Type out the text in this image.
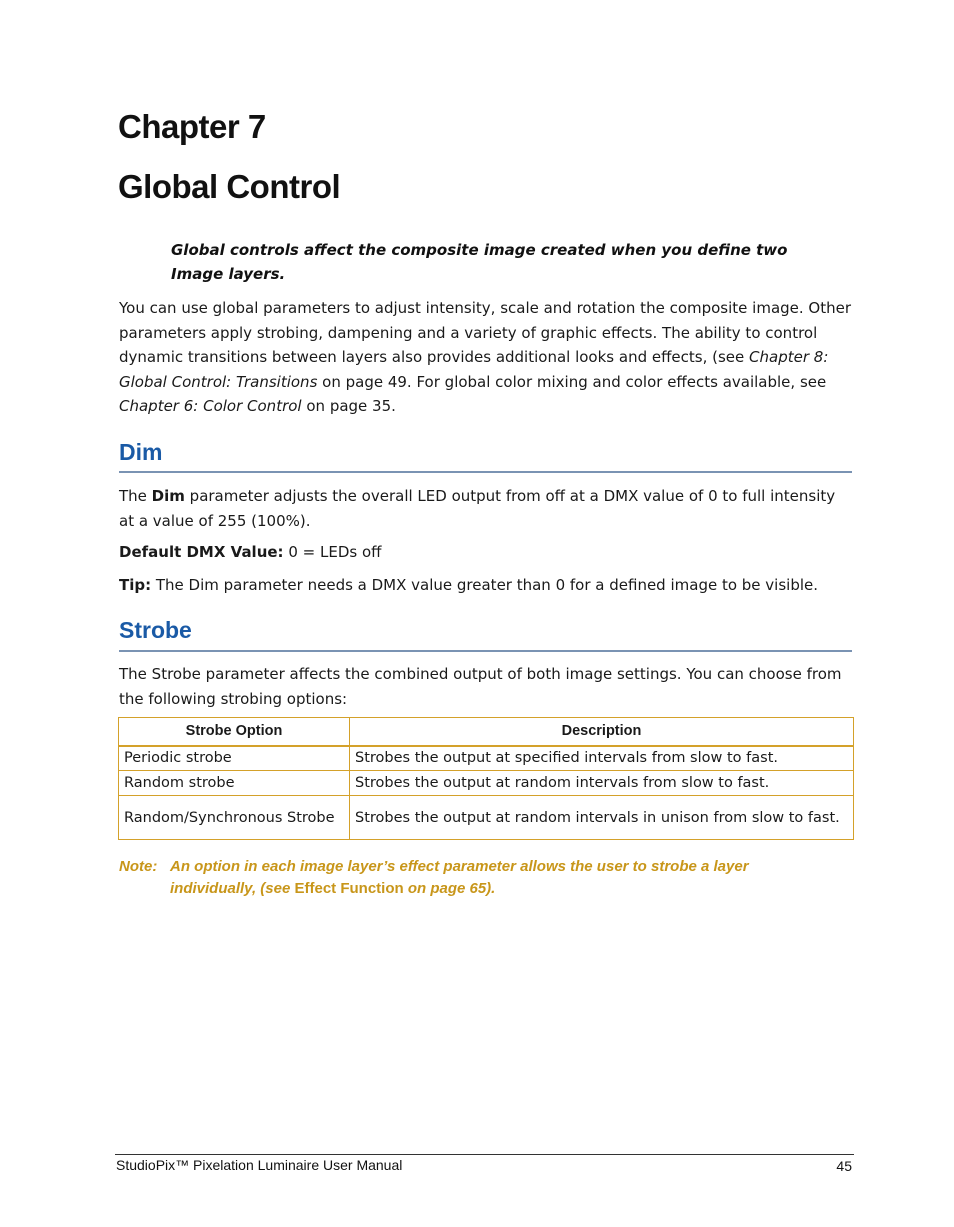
Chapter 7
Global Control
Global controls affect the composite image created when you define two Image layers.
You can use global parameters to adjust intensity, scale and rotation the composite image. Other parameters apply strobing, dampening and a variety of graphic effects. The ability to control dynamic transitions between layers also provides additional looks and effects, (see Chapter 8: Global Control: Transitions on page 49. For global color mixing and color effects available, see Chapter 6: Color Control on page 35.
Dim
The Dim parameter adjusts the overall LED output from off at a DMX value of 0 to full intensity at a value of 255 (100%).
Default DMX Value: 0 = LEDs off
Tip: The Dim parameter needs a DMX value greater than 0 for a defined image to be visible.
Strobe
The Strobe parameter affects the combined output of both image settings. You can choose from the following strobing options:
Strobe Option	Description
Periodic strobe	Strobes the output at specified intervals from slow to fast.
Random strobe	Strobes the output at random intervals from slow to fast.
Random/Synchronous Strobe	Strobes the output at random intervals in unison from slow to fast.
Note: An option in each image layer’s effect parameter allows the user to strobe a layer individually, (see Effect Function on page 65).
StudioPix™ Pixelation Luminaire User Manual	45
